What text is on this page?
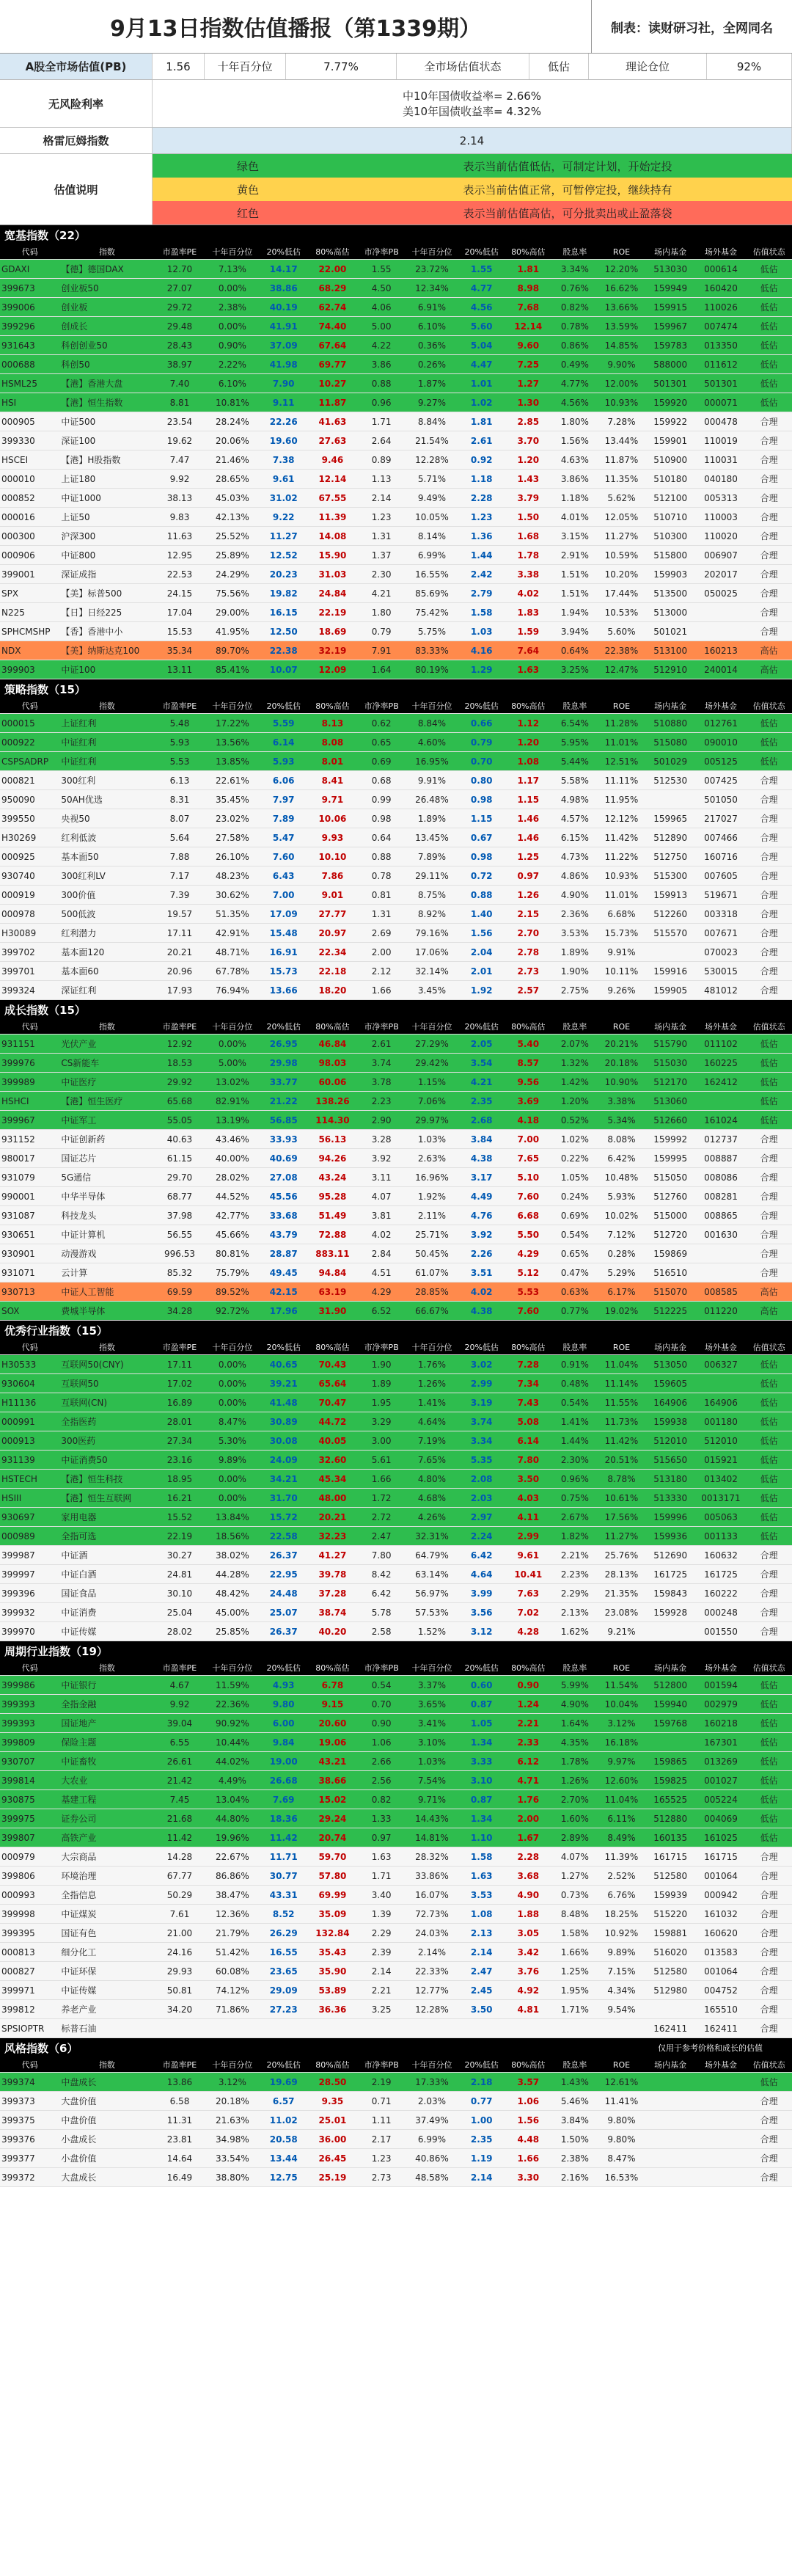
9月13日指数估值播报（第1339期）	制表：读财研习社，全网同名
A股全市场估值(PB)	1.56	十年百分位	7.77%	全市场估值状态	低估	理论仓位	92%
无风险利率
中10年国债收益率= 2.66%
美10年国债收益率= 4.32%
格雷厄姆指数	2.14
估值说明
绿色	表示当前估值低估，可制定计划，开始定投
黄色	表示当前估值正常，可暂停定投，继续持有
红色	表示当前估值高估，可分批卖出或止盈落袋
宽基指数（22）
代码	指数	市盈率PE	十年百分位	20%低估	80%高估	市净率PB	十年百分位	20%低估	80%高估	股息率	ROE	场内基金	场外基金	估值状态
GDAXI	【德】德国DAX	12.70	7.13%	14.17	22.00	1.55	23.72%	1.55	1.81	3.34%	12.20%	513030	000614	低估
399673	创业板50	27.07	0.00%	38.86	68.29	4.50	12.34%	4.77	8.98	0.76%	16.62%	159949	160420	低估
399006	创业板	29.72	2.38%	40.19	62.74	4.06	6.91%	4.56	7.68	0.82%	13.66%	159915	110026	低估
399296	创成长	29.48	0.00%	41.91	74.40	5.00	6.10%	5.60	12.14	0.78%	13.59%	159967	007474	低估
931643	科创创业50	28.43	0.90%	37.09	67.64	4.22	0.36%	5.04	9.60	0.86%	14.85%	159783	013350	低估
000688	科创50	38.97	2.22%	41.98	69.77	3.86	0.26%	4.47	7.25	0.49%	9.90%	588000	011612	低估
HSML25	【港】香港大盘	7.40	6.10%	7.90	10.27	0.88	1.87%	1.01	1.27	4.77%	12.00%	501301	501301	低估
HSI	【港】恒生指数	8.81	10.81%	9.11	11.87	0.96	9.27%	1.02	1.30	4.56%	10.93%	159920	000071	低估
000905	中证500	23.54	28.24%	22.26	41.63	1.71	8.84%	1.81	2.85	1.80%	7.28%	159922	000478	合理
399330	深证100	19.62	20.06%	19.60	27.63	2.64	21.54%	2.61	3.70	1.56%	13.44%	159901	110019	合理
HSCEI	【港】H股指数	7.47	21.46%	7.38	9.46	0.89	12.28%	0.92	1.20	4.63%	11.87%	510900	110031	合理
000010	上证180	9.92	28.65%	9.61	12.14	1.13	5.71%	1.18	1.43	3.86%	11.35%	510180	040180	合理
000852	中证1000	38.13	45.03%	31.02	67.55	2.14	9.49%	2.28	3.79	1.18%	5.62%	512100	005313	合理
000016	上证50	9.83	42.13%	9.22	11.39	1.23	10.05%	1.23	1.50	4.01%	12.05%	510710	110003	合理
000300	沪深300	11.63	25.52%	11.27	14.08	1.31	8.14%	1.36	1.68	3.15%	11.27%	510300	110020	合理
000906	中证800	12.95	25.89%	12.52	15.90	1.37	6.99%	1.44	1.78	2.91%	10.59%	515800	006907	合理
399001	深证成指	22.53	24.29%	20.23	31.03	2.30	16.55%	2.42	3.38	1.51%	10.20%	159903	202017	合理
SPX	【美】标普500	24.15	75.56%	19.82	24.84	4.21	85.69%	2.79	4.02	1.51%	17.44%	513500	050025	合理
N225	【日】日经225	17.04	29.00%	16.15	22.19	1.80	75.42%	1.58	1.83	1.94%	10.53%	513000		合理
SPHCMSHP	【香】香港中小	15.53	41.95%	12.50	18.69	0.79	5.75%	1.03	1.59	3.94%	5.60%	501021		合理
NDX	【美】纳斯达克100	35.34	89.70%	22.38	32.19	7.91	83.33%	4.16	7.64	0.64%	22.38%	513100	160213	高估
399903	中证100	13.11	85.41%	10.07	12.09	1.64	80.19%	1.29	1.63	3.25%	12.47%	512910	240014	高估
策略指数（15）
代码	指数	市盈率PE	十年百分位	20%低估	80%高估	市净率PB	十年百分位	20%低估	80%高估	股息率	ROE	场内基金	场外基金	估值状态
000015	上证红利	5.48	17.22%	5.59	8.13	0.62	8.84%	0.66	1.12	6.54%	11.28%	510880	012761	低估
000922	中证红利	5.93	13.56%	6.14	8.08	0.65	4.60%	0.79	1.20	5.95%	11.01%	515080	090010	低估
CSPSADRP	中证红利	5.53	13.85%	5.93	8.01	0.69	16.95%	0.70	1.08	5.44%	12.51%	501029	005125	低估
000821	300红利	6.13	22.61%	6.06	8.41	0.68	9.91%	0.80	1.17	5.58%	11.11%	512530	007425	合理
950090	50AH优选	8.31	35.45%	7.97	9.71	0.99	26.48%	0.98	1.15	4.98%	11.95%		501050	合理
399550	央视50	8.07	23.02%	7.89	10.06	0.98	1.89%	1.15	1.46	4.57%	12.12%	159965	217027	合理
H30269	红利低波	5.64	27.58%	5.47	9.93	0.64	13.45%	0.67	1.46	6.15%	11.42%	512890	007466	合理
000925	基本面50	7.88	26.10%	7.60	10.10	0.88	7.89%	0.98	1.25	4.73%	11.22%	512750	160716	合理
930740	300红利LV	7.17	48.23%	6.43	7.86	0.78	29.11%	0.72	0.97	4.86%	10.93%	515300	007605	合理
000919	300价值	7.39	30.62%	7.00	9.01	0.81	8.75%	0.88	1.26	4.90%	11.01%	159913	519671	合理
000978	500低波	19.57	51.35%	17.09	27.77	1.31	8.92%	1.40	2.15	2.36%	6.68%	512260	003318	合理
H30089	红利潜力	17.11	42.91%	15.48	20.97	2.69	79.16%	1.56	2.70	3.53%	15.73%	515570	007671	合理
399702	基本面120	20.21	48.71%	16.91	22.34	2.00	17.06%	2.04	2.78	1.89%	9.91%		070023	合理
399701	基本面60	20.96	67.78%	15.73	22.18	2.12	32.14%	2.01	2.73	1.90%	10.11%	159916	530015	合理
399324	深证红利	17.93	76.94%	13.66	18.20	1.66	3.45%	1.92	2.57	2.75%	9.26%	159905	481012	合理
成长指数（15）
代码	指数	市盈率PE	十年百分位	20%低估	80%高估	市净率PB	十年百分位	20%低估	80%高估	股息率	ROE	场内基金	场外基金	估值状态
931151	光伏产业	12.92	0.00%	26.95	46.84	2.61	27.29%	2.05	5.40	2.07%	20.21%	515790	011102	低估
399976	CS新能车	18.53	5.00%	29.98	98.03	3.74	29.42%	3.54	8.57	1.32%	20.18%	515030	160225	低估
399989	中证医疗	29.92	13.02%	33.77	60.06	3.78	1.15%	4.21	9.56	1.42%	10.90%	512170	162412	低估
HSHCI	【港】恒生医疗	65.68	82.91%	21.22	138.26	2.23	7.06%	2.35	3.69	1.20%	3.38%	513060		低估
399967	中证军工	55.05	13.19%	56.85	114.30	2.90	29.97%	2.68	4.18	0.52%	5.34%	512660	161024	低估
931152	中证创新药	40.63	43.46%	33.93	56.13	3.28	1.03%	3.84	7.00	1.02%	8.08%	159992	012737	合理
980017	国证芯片	61.15	40.00%	40.69	94.26	3.92	2.63%	4.38	7.65	0.22%	6.42%	159995	008887	合理
931079	5G通信	29.70	28.02%	27.08	43.24	3.11	16.96%	3.17	5.10	1.05%	10.48%	515050	008086	合理
990001	中华半导体	68.77	44.52%	45.56	95.28	4.07	1.92%	4.49	7.60	0.24%	5.93%	512760	008281	合理
931087	科技龙头	37.98	42.77%	33.68	51.49	3.81	2.11%	4.76	6.68	0.69%	10.02%	515000	008865	合理
930651	中证计算机	56.55	45.66%	43.79	72.88	4.02	25.71%	3.92	5.50	0.54%	7.12%	512720	001630	合理
930901	动漫游戏	996.53	80.81%	28.87	883.11	2.84	50.45%	2.26	4.29	0.65%	0.28%	159869		合理
931071	云计算	85.32	75.79%	49.45	94.84	4.51	61.07%	3.51	5.12	0.47%	5.29%	516510		合理
930713	中证人工智能	69.59	89.52%	42.15	63.19	4.29	28.85%	4.02	5.53	0.63%	6.17%	515070	008585	高估
SOX	费城半导体	34.28	92.72%	17.96	31.90	6.52	66.67%	4.38	7.60	0.77%	19.02%	512225	011220	高估
优秀行业指数（15）
代码	指数	市盈率PE	十年百分位	20%低估	80%高估	市净率PB	十年百分位	20%低估	80%高估	股息率	ROE	场内基金	场外基金	估值状态
H30533	互联网50(CNY)	17.11	0.00%	40.65	70.43	1.90	1.76%	3.02	7.28	0.91%	11.04%	513050	006327	低估
930604	互联网50	17.02	0.00%	39.21	65.64	1.89	1.26%	2.99	7.34	0.48%	11.14%	159605		低估
H11136	互联网(CN)	16.89	0.00%	41.48	70.47	1.95	1.41%	3.19	7.43	0.54%	11.55%	164906	164906	低估
000991	全指医药	28.01	8.47%	30.89	44.72	3.29	4.64%	3.74	5.08	1.41%	11.73%	159938	001180	低估
000913	300医药	27.34	5.30%	30.08	40.05	3.00	7.19%	3.34	6.14	1.44%	11.42%	512010	512010	低估
931139	中证消费50	23.16	9.89%	24.09	32.60	5.61	7.65%	5.35	7.80	2.30%	20.51%	515650	015921	低估
HSTECH	【港】恒生科技	18.95	0.00%	34.21	45.34	1.66	4.80%	2.08	3.50	0.96%	8.78%	513180	013402	低估
HSIII	【港】恒生互联网	16.21	0.00%	31.70	48.00	1.72	4.68%	2.03	4.03	0.75%	10.61%	513330	0013171	低估
930697	家用电器	15.52	13.84%	15.72	20.21	2.72	4.26%	2.97	4.11	2.67%	17.56%	159996	005063	低估
000989	全指可选	22.19	18.56%	22.58	32.23	2.47	32.31%	2.24	2.99	1.82%	11.27%	159936	001133	低估
399987	中证酒	30.27	38.02%	26.37	41.27	7.80	64.79%	6.42	9.61	2.21%	25.76%	512690	160632	合理
399997	中证白酒	24.81	44.28%	22.95	39.78	8.42	63.14%	4.64	10.41	2.23%	28.13%	161725	161725	合理
399396	国证食品	30.10	48.42%	24.48	37.28	6.42	56.97%	3.99	7.63	2.29%	21.35%	159843	160222	合理
399932	中证消费	25.04	45.00%	25.07	38.74	5.78	57.53%	3.56	7.02	2.13%	23.08%	159928	000248	合理
399970	中证传媒	28.02	25.85%	26.37	40.20	2.58	1.52%	3.12	4.28	1.62%	9.21%		001550	合理
周期行业指数（19）
代码	指数	市盈率PE	十年百分位	20%低估	80%高估	市净率PB	十年百分位	20%低估	80%高估	股息率	ROE	场内基金	场外基金	估值状态
399986	中证银行	4.67	11.59%	4.93	6.78	0.54	3.37%	0.60	0.90	5.99%	11.54%	512800	001594	低估
399393	全指金融	9.92	22.36%	9.80	9.15	0.70	3.65%	0.87	1.24	4.90%	10.04%	159940	002979	低估
399393	国证地产	39.04	90.92%	6.00	20.60	0.90	3.41%	1.05	2.21	1.64%	3.12%	159768	160218	低估
399809	保险主题	6.55	10.44%	9.84	19.06	1.06	3.10%	1.34	2.33	4.35%	16.18%		167301	低估
930707	中证畜牧	26.61	44.02%	19.00	43.21	2.66	1.03%	3.33	6.12	1.78%	9.97%	159865	013269	低估
399814	大农业	21.42	4.49%	26.68	38.66	2.56	7.54%	3.10	4.71	1.26%	12.60%	159825	001027	低估
930875	基建工程	7.45	13.04%	7.69	15.02	0.82	9.71%	0.87	1.76	2.70%	11.04%	165525	005224	低估
399975	证券公司	21.68	44.80%	18.36	29.24	1.33	14.43%	1.34	2.00	1.60%	6.11%	512880	004069	低估
399807	高铁产业	11.42	19.96%	11.42	20.74	0.97	14.81%	1.10	1.67	2.89%	8.49%	160135	161025	低估
000979	大宗商品	14.28	22.67%	11.71	59.70	1.63	28.32%	1.58	2.28	4.07%	11.39%	161715	161715	合理
399806	环境治理	67.77	86.86%	30.77	57.80	1.71	33.86%	1.63	3.68	1.27%	2.52%	512580	001064	合理
000993	全指信息	50.29	38.47%	43.31	69.99	3.40	16.07%	3.53	4.90	0.73%	6.76%	159939	000942	合理
399998	中证煤炭	7.61	12.36%	8.52	35.09	1.39	72.73%	1.08	1.88	8.48%	18.25%	515220	161032	合理
399395	国证有色	21.00	21.79%	26.29	132.84	2.29	24.03%	2.13	3.05	1.58%	10.92%	159881	160620	合理
000813	细分化工	24.16	51.42%	16.55	35.43	2.39	2.14%	2.14	3.42	1.66%	9.89%	516020	013583	合理
000827	中证环保	29.93	60.08%	23.65	35.90	2.14	22.33%	2.47	3.76	1.25%	7.15%	512580	001064	合理
399971	中证传媒	50.81	74.12%	29.09	53.89	2.21	12.77%	2.45	4.92	1.95%	4.34%	512980	004752	合理
399812	养老产业	34.20	71.86%	27.23	36.36	3.25	12.28%	3.50	4.81	1.71%	9.54%		165510	合理
SPSIOPTR	标普石油											162411	162411	合理
风格指数（6）	仅用于参考价格和成长的估值
代码	指数	市盈率PE	十年百分位	20%低估	80%高估	市净率PB	十年百分位	20%低估	80%高估	股息率	ROE	场内基金	场外基金	估值状态
399374	中盘成长	13.86	3.12%	19.69	28.50	2.19	17.33%	2.18	3.57	1.43%	12.61%			低估
399373	大盘价值	6.58	20.18%	6.57	9.35	0.71	2.03%	0.77	1.06	5.46%	11.41%			合理
399375	中盘价值	11.31	21.63%	11.02	25.01	1.11	37.49%	1.00	1.56	3.84%	9.80%			合理
399376	小盘成长	23.81	34.98%	20.58	36.00	2.17	6.99%	2.35	4.48	1.50%	9.80%			合理
399377	小盘价值	14.64	33.54%	13.44	26.45	1.23	40.86%	1.19	1.66	2.38%	8.47%			合理
399372	大盘成长	16.49	38.80%	12.75	25.19	2.73	48.58%	2.14	3.30	2.16%	16.53%			合理
